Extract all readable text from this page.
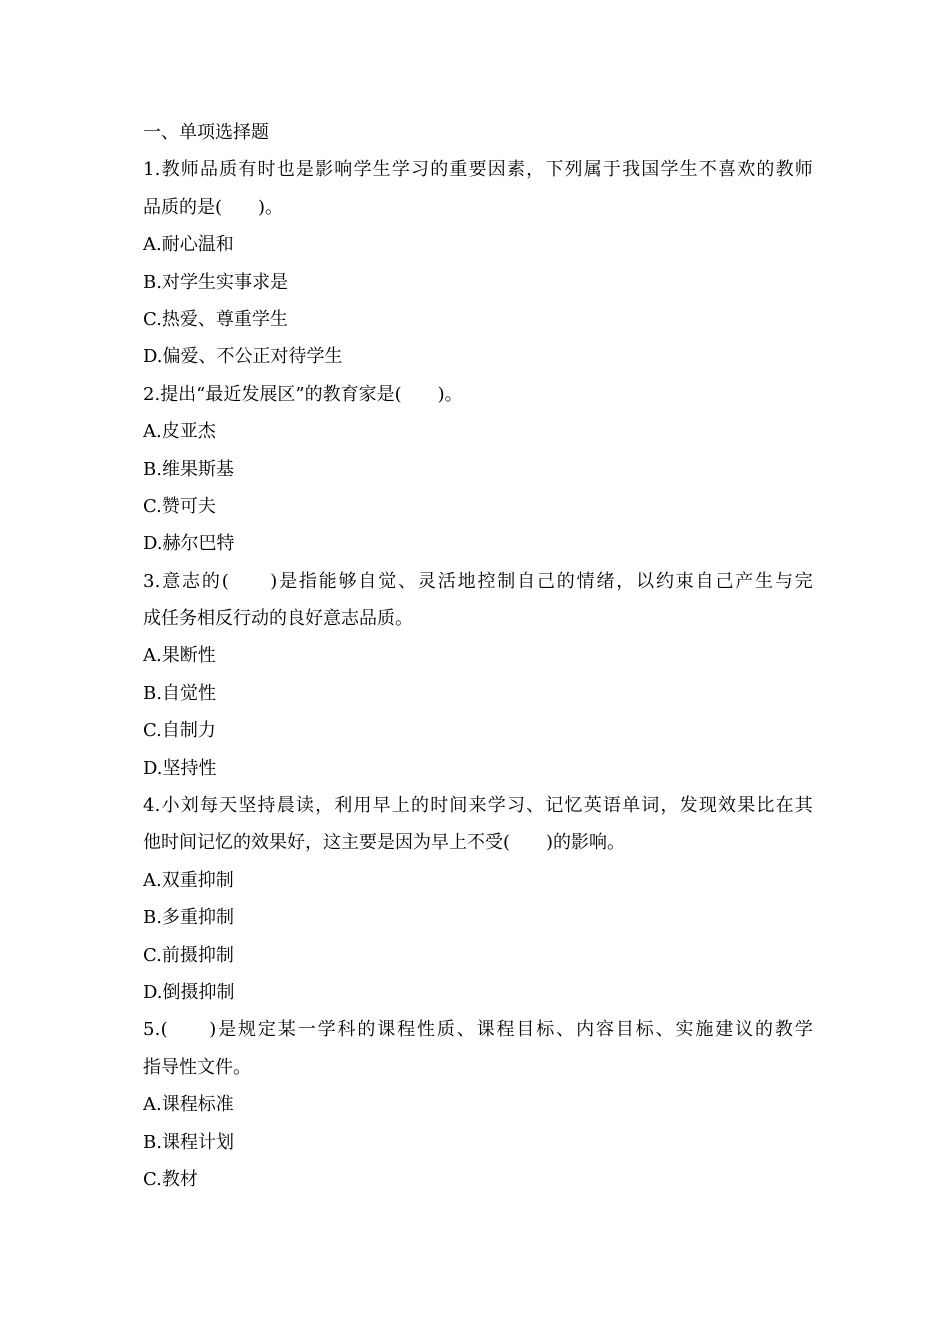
一、单项选择题
1.教师品质有时也是影响学生学习的重要因素，下列属于我国学生不喜欢的教师
品质的是(　　)。
A.耐心温和
B.对学生实事求是
C.热爱、尊重学生
D.偏爱、不公正对待学生
2.提出“最近发展区”的教育家是(　　)。
A.皮亚杰
B.维果斯基
C.赞可夫
D.赫尔巴特
3.意志的(　　)是指能够自觉、灵活地控制自己的情绪，以约束自己产生与完
成任务相反行动的良好意志品质。
A.果断性
B.自觉性
C.自制力
D.坚持性
4.小刘每天坚持晨读，利用早上的时间来学习、记忆英语单词，发现效果比在其
他时间记忆的效果好，这主要是因为早上不受(　　)的影响。
A.双重抑制
B.多重抑制
C.前摄抑制
D.倒摄抑制
5.(　　)是规定某一学科的课程性质、课程目标、内容目标、实施建议的教学
指导性文件。
A.课程标准
B.课程计划
C.教材
